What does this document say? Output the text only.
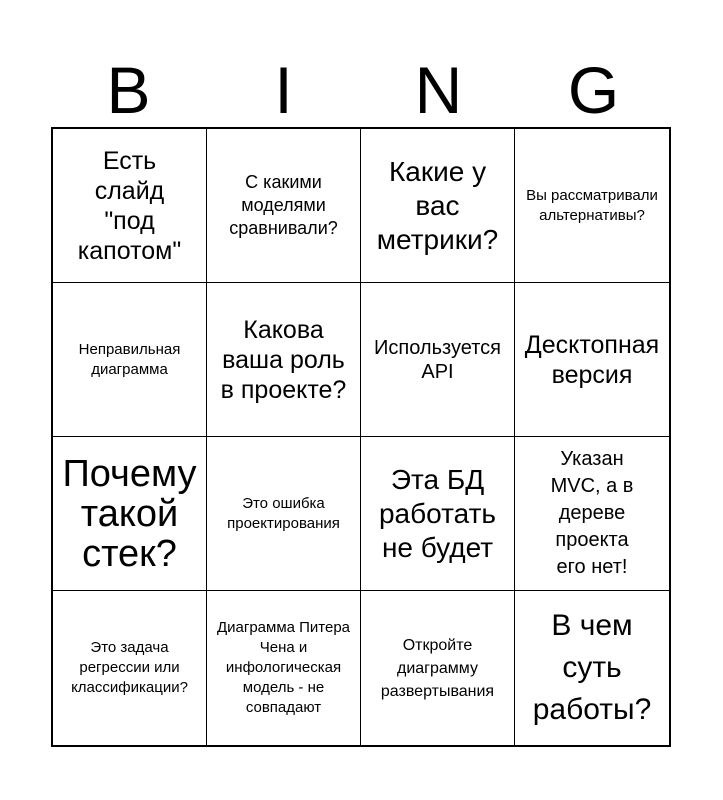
B	I	N	G
Есть слайд "под капотом"
С какими моделями сравнивали?
Какие у вас метрики?
Вы рассматривали альтернативы?
Неправильная диаграмма
Какова ваша роль в проекте?
Используется API
Десктопная версия
Почему такой стек?
Это ошибка проектирования
Эта БД работать не будет
Указан MVC, а в дереве проекта его нет!
Это задача регрессии или классификации?
Диаграмма Питера Чена и инфологическая модель - не совпадают
Откройте диаграмму развертывания
В чем суть работы?
